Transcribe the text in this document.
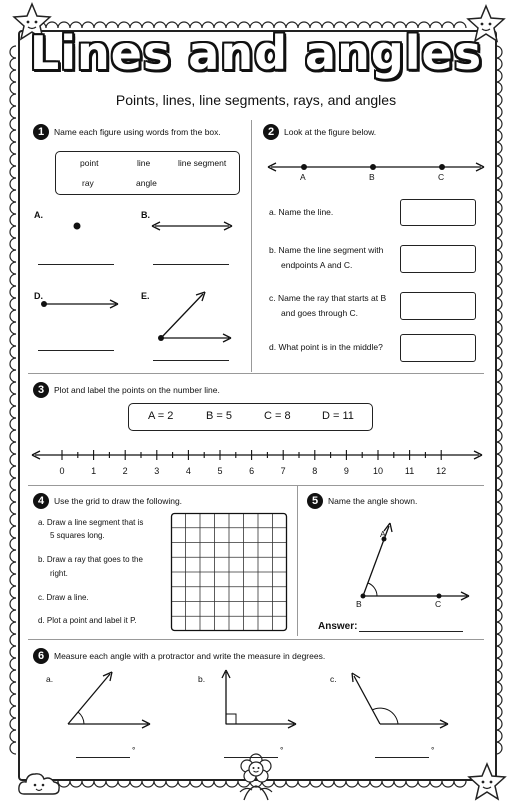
Lines and angles
Points, lines, line segments, rays, and angles
1	Name each figure using words from the box.
point	line	line segment
ray	angle
A.	B.
D.	E.
2	Look at the figure below.
A	B	C
a. Name the line.
b. Name the line segment with
endpoints A and C.
c. Name the ray that starts at B
and goes through C.
d. What point is in the middle?
3	Plot and label the points on the number line.
A = 2	B = 5	C = 8	D = 11
0	1	2	3	4	5	6	7	8	9	10	11	12
4	Use the grid to draw the following.
a. Draw a line segment that is
5 squares long.
b. Draw a ray that goes to the
right.
c. Draw a line.
d. Plot a point and label it P.
5	Name the angle shown.
A
B	C
Answer:
6	Measure each angle with a protractor and write the measure in degrees.
a.	b.	c.
°	°	°
